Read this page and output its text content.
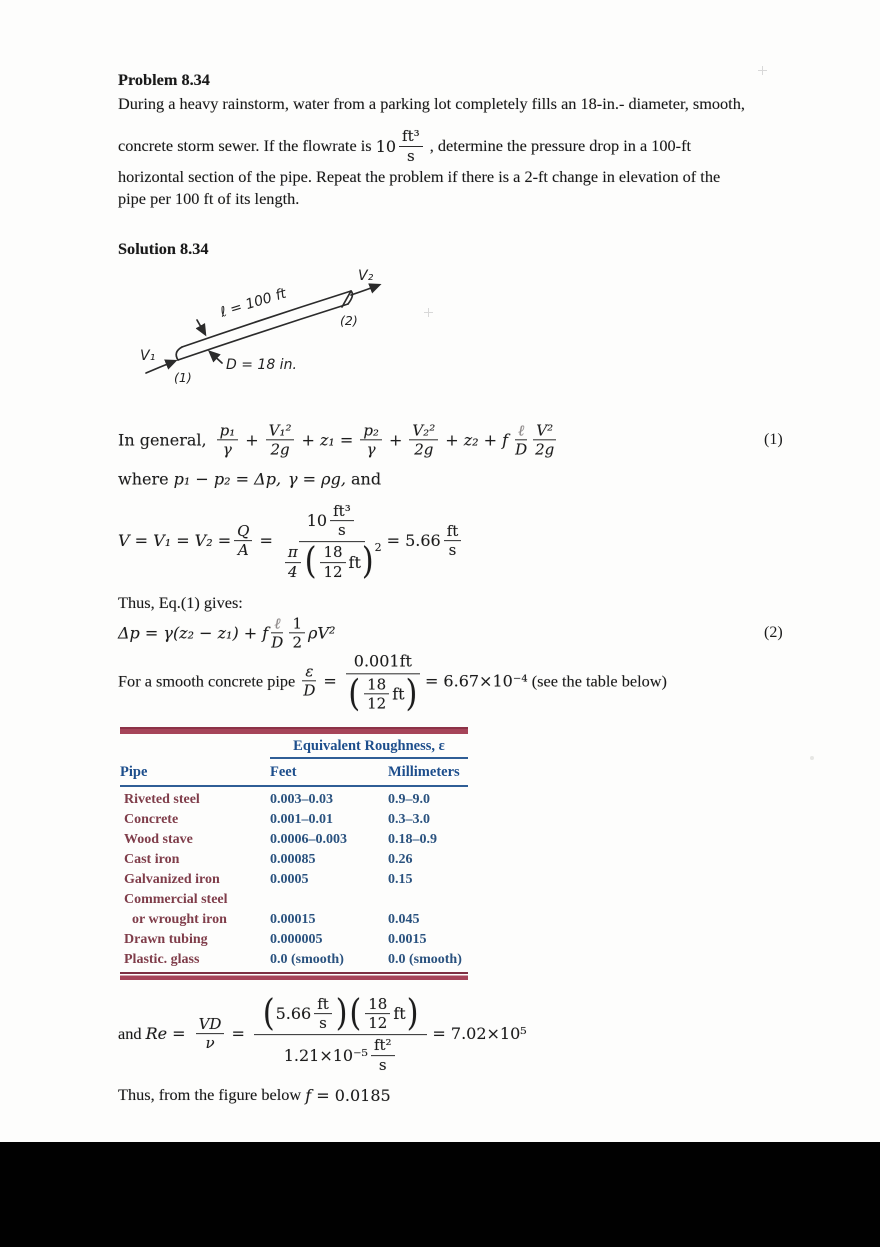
Problem 8.34
During a heavy rainstorm, water from a parking lot completely fills an 18-in.- diameter, smooth,
concrete storm sewer. If the flowrate is $10 \frac{\text{ft³}}{s}$ , determine the pressure drop in a 100-ft
horizontal section of the pipe. Repeat the problem if there is a 2-ft change in elevation of the
pipe per 100 ft of its length.
Solution 8.34
V₁
(1)
V₂
(2)
ℓ = 100 ft
D = 18 in.
In general, $\frac{\text{p₁}}{\gamma} + \frac{\text{V₁²}}{2g} + z_1 = \frac{\text{p₂}}{\gamma} + \frac{\text{V₂²}}{2g} + z_2 + f \frac{\text{ℓ}}{D} \frac{\text{V²}}{2g}$	(1)
where p₁ − p₂ = Δp, γ = ρg, and
$V = V_1 = V_2 = \frac{Q}{A}$ =
$10 \frac{\text{ft³}}{s}$
$\frac{\pi}{4}$ ( $\frac{18}{12}$ ft ) $2 = 5.66 \frac{ft}{s}$
Thus, Eq.(1) gives:
Δp = γ(z₂ − z₁) + f $\frac{\text{ℓ}}{D} \frac{1}{2} \rho V^2$	(2)
For a smooth concrete pipe $\frac{\varepsilon}{D} = \frac{0.001ft}{( \frac{18}{12} ft )} = 6.67\times 10^{-4}$ (see the table below)
Equivalent Roughness, ε
Pipe	Feet	Millimeters
Riveted steel	0.003–0.03	0.9–9.0
Concrete	0.001–0.01	0.3–3.0
Wood stave	0.0006–0.003	0.18–0.9
Cast iron	0.00085	0.26
Galvanized iron	0.0005	0.15
Commercial steel
or wrought iron	0.00015	0.045
Drawn tubing	0.000005	0.0015
Plastic. glass	0.0 (smooth)	0.0 (smooth)
and $Re = \frac{VD}{\nu}$ = ( $5.66 \frac{ft}{s}$ ) ( $\frac{18}{12}$ ft )
$1.21\times 10^{-5} \frac{\text{ft²}}{s}$
= 7.02×10⁵
Thus, from the figure below f = 0.0185
